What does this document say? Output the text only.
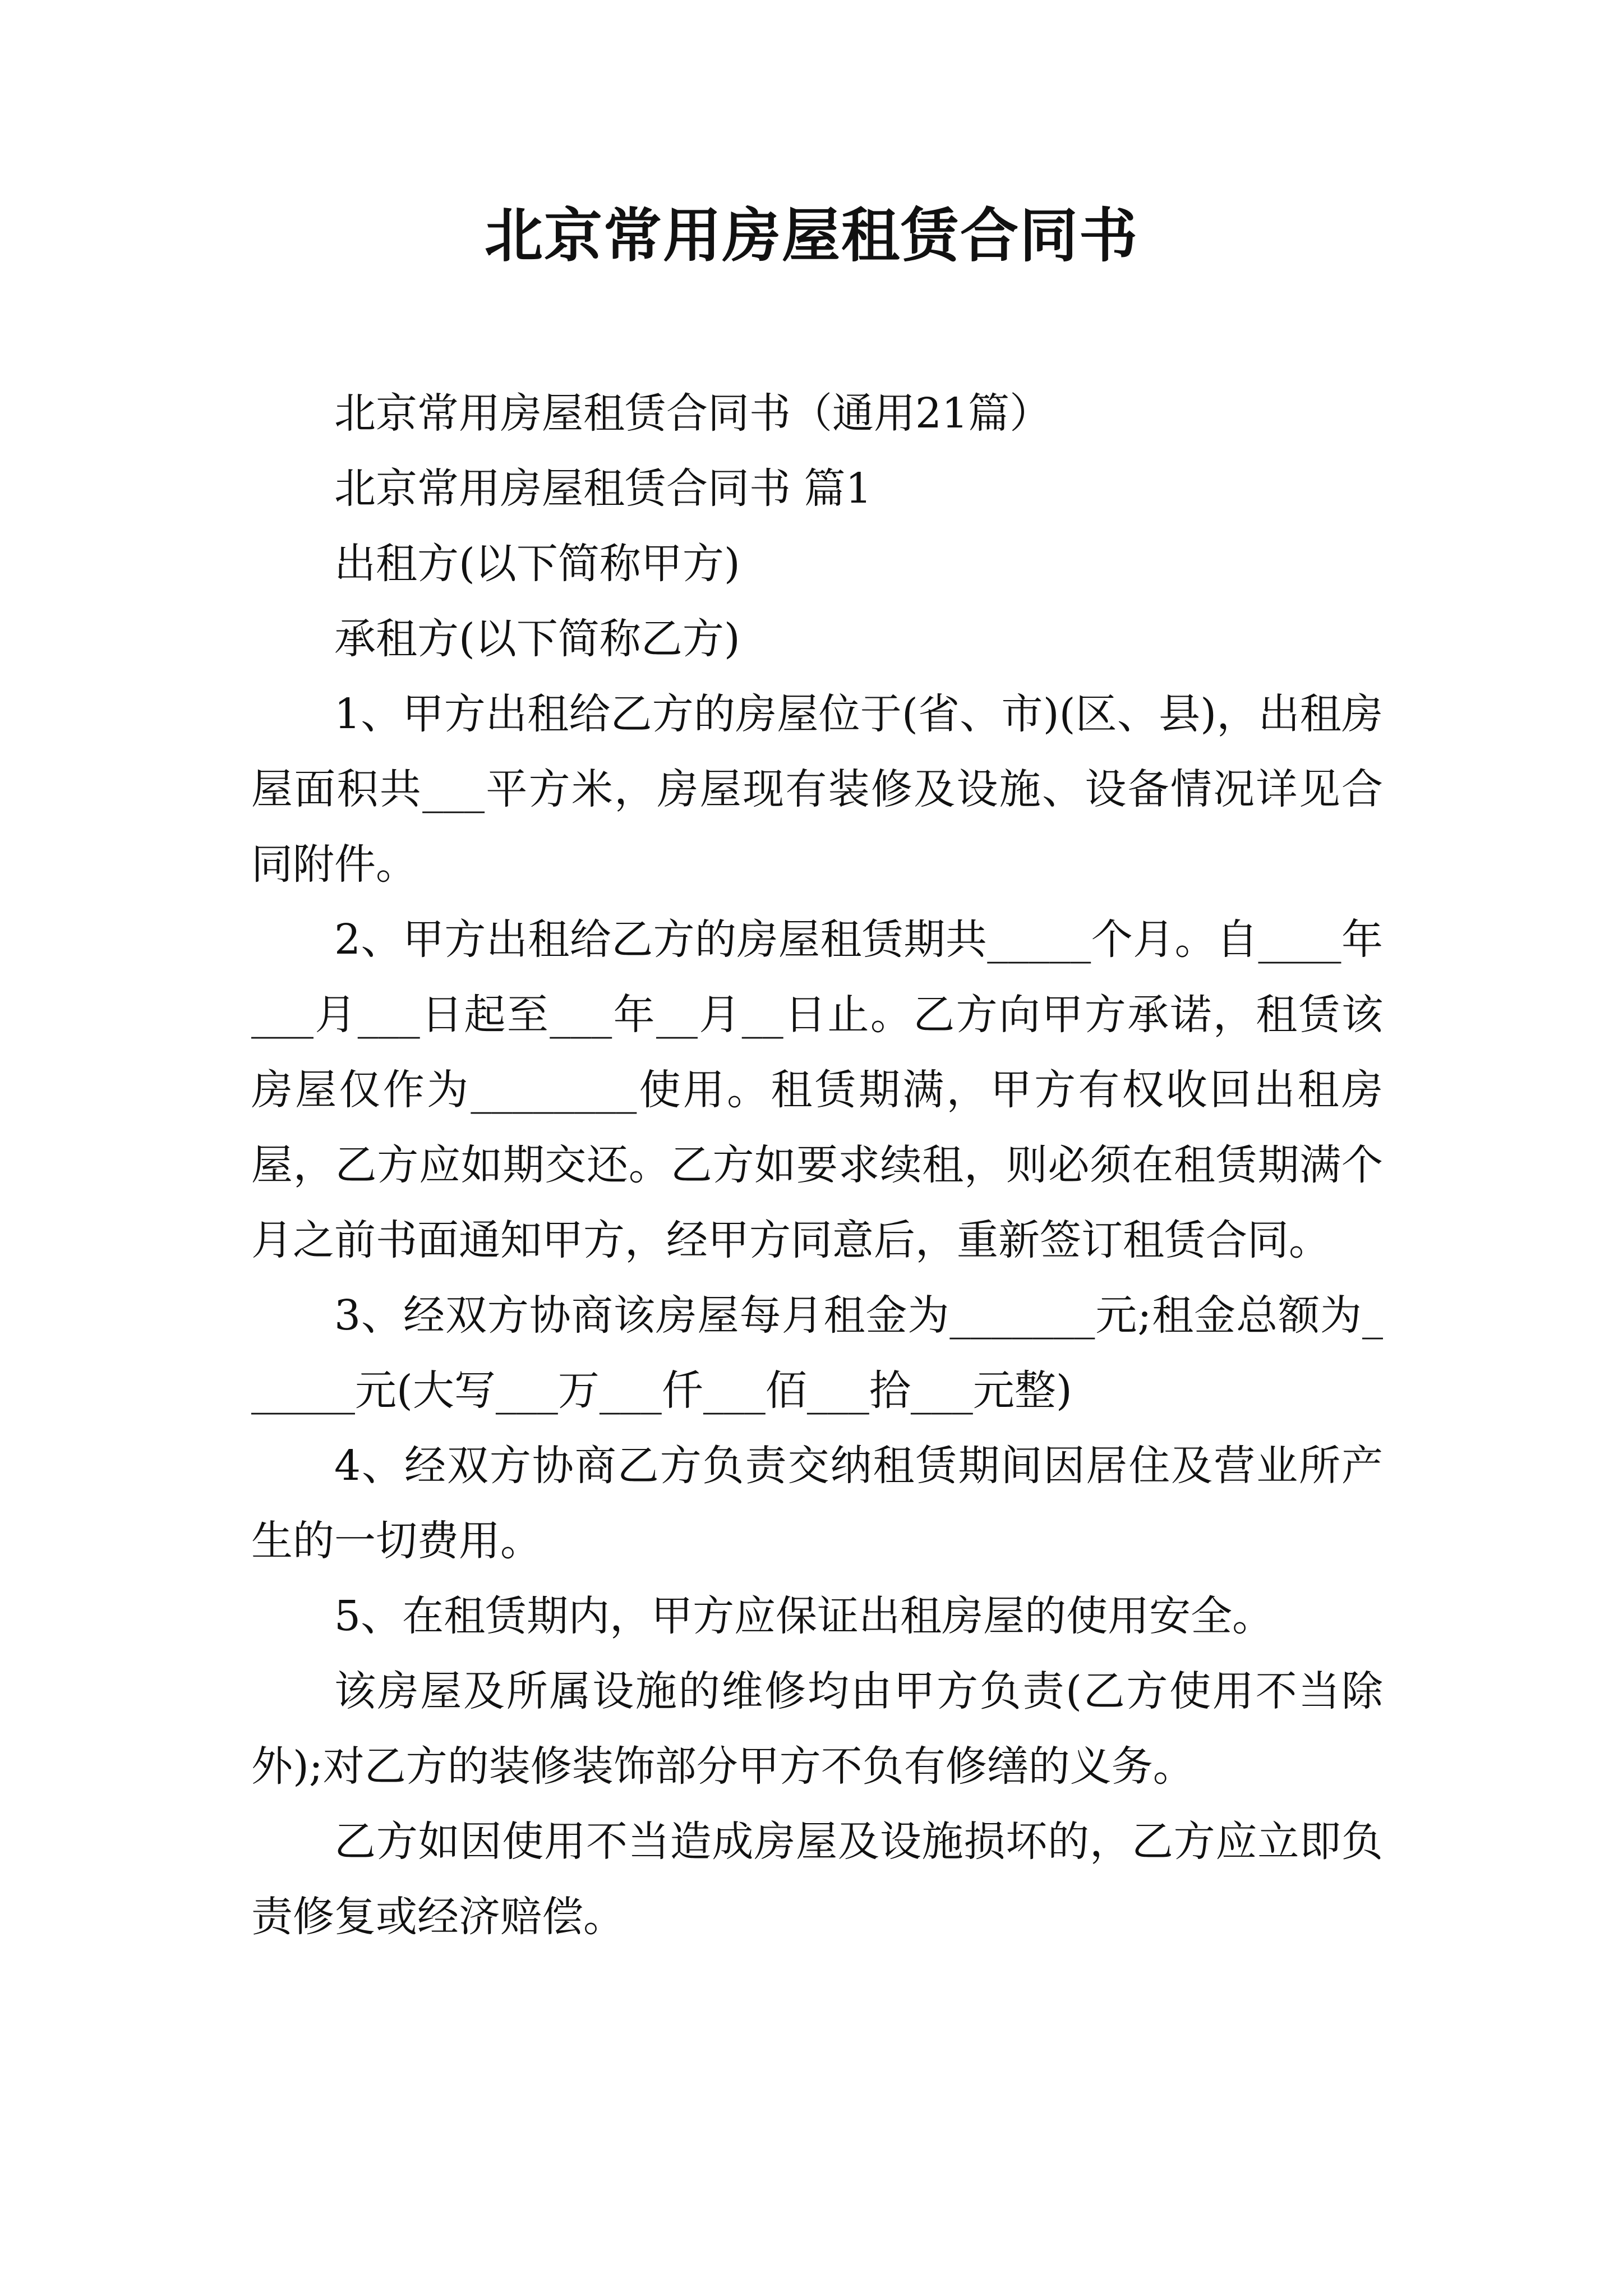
北京常用房屋租赁合同书

北京常用房屋租赁合同书（通用21篇）

北京常用房屋租赁合同书 篇1

出租方(以下简称甲方)

承租方(以下简称乙方)

1、甲方出租给乙方的房屋位于(省、市)(区、县)，出租房屋面积共___平方米，房屋现有装修及设施、设备情况详见合同附件。

2、甲方出租给乙方的房屋租赁期共_____个月。自____年___月___日起至___年__月__日止。乙方向甲方承诺，租赁该房屋仅作为________使用。租赁期满，甲方有权收回出租房屋，乙方应如期交还。乙方如要求续租，则必须在租赁期满个月之前书面通知甲方，经甲方同意后，重新签订租赁合同。

3、经双方协商该房屋每月租金为_______元;租金总额为______元(大写___万___仟___佰___拾___元整)

4、经双方协商乙方负责交纳租赁期间因居住及营业所产生的一切费用。

5、在租赁期内，甲方应保证出租房屋的使用安全。

该房屋及所属设施的维修均由甲方负责(乙方使用不当除外);对乙方的装修装饰部分甲方不负有修缮的义务。

乙方如因使用不当造成房屋及设施损坏的，乙方应立即负责修复或经济赔偿。
